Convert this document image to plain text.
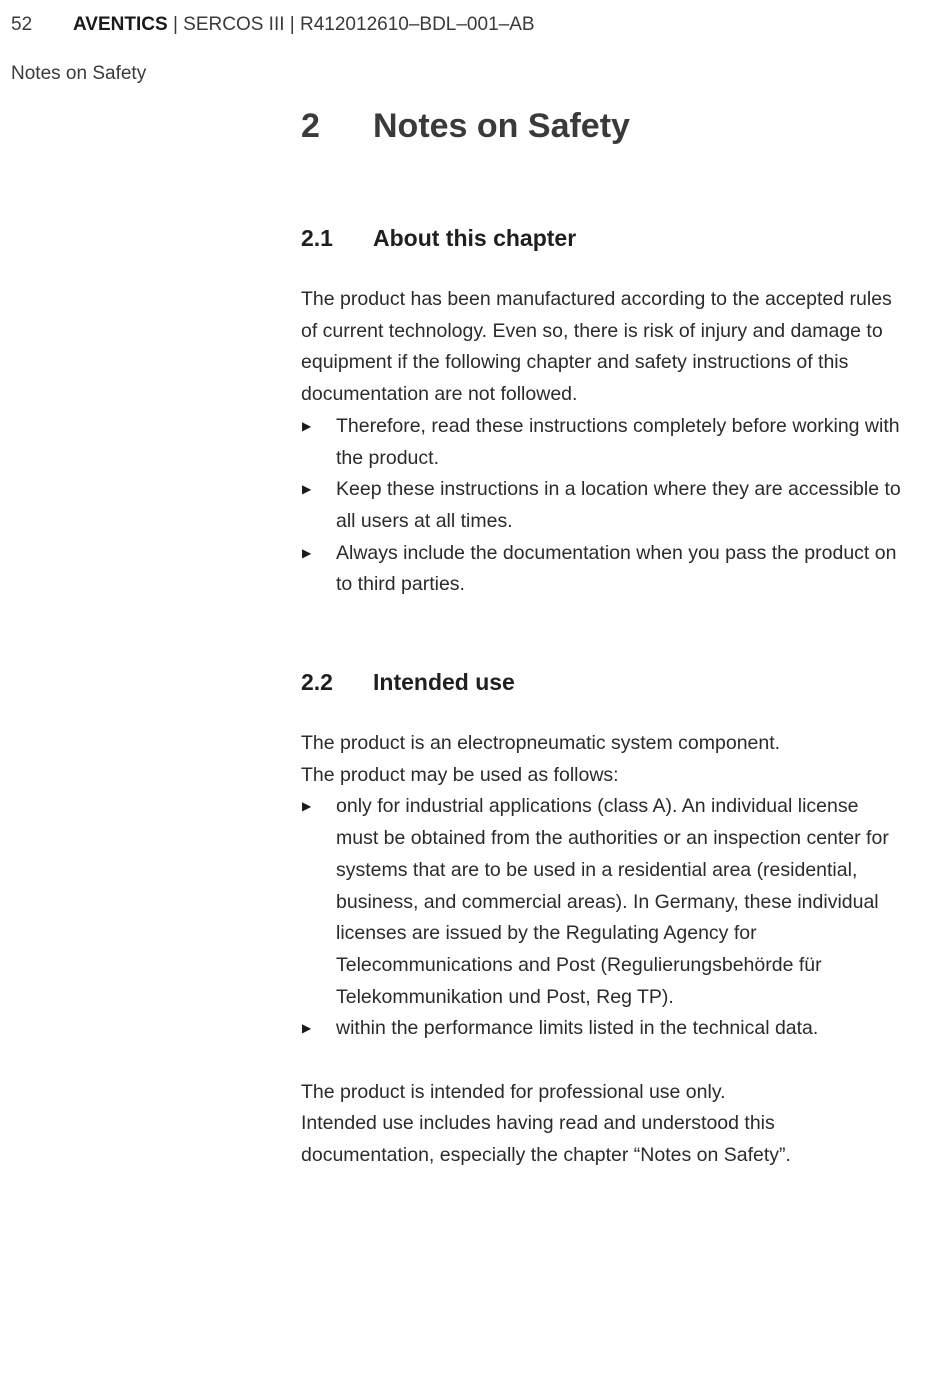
52 AVENTICS | SERCOS III | R412012610–BDL–001–AB
Notes on Safety
2 Notes on Safety
2.1 About this chapter

The product has been manufactured according to the accepted rules of current technology. Even so, there is risk of injury and damage to equipment if the following chapter and safety instructions of this documentation are not followed.

▶ Therefore, read these instructions completely before working with the product.
▶ Keep these instructions in a location where they are accessible to all users at all times.
▶ Always include the documentation when you pass the product on to third parties.
2.2 Intended use

The product is an electropneumatic system component.

The product may be used as follows:

▶ only for industrial applications (class A). An individual license must be obtained from the authorities or an inspection center for systems that are to be used in a residential area (residential, business, and commercial areas). In Germany, these individual licenses are issued by the Regulating Agency for Telecommunications and Post (Regulierungsbehörde für Telekommunikation und Post, Reg TP).
▶ within the performance limits listed in the technical data.

The product is intended for professional use only.

Intended use includes having read and understood this documentation, especially the chapter “Notes on Safety”.
